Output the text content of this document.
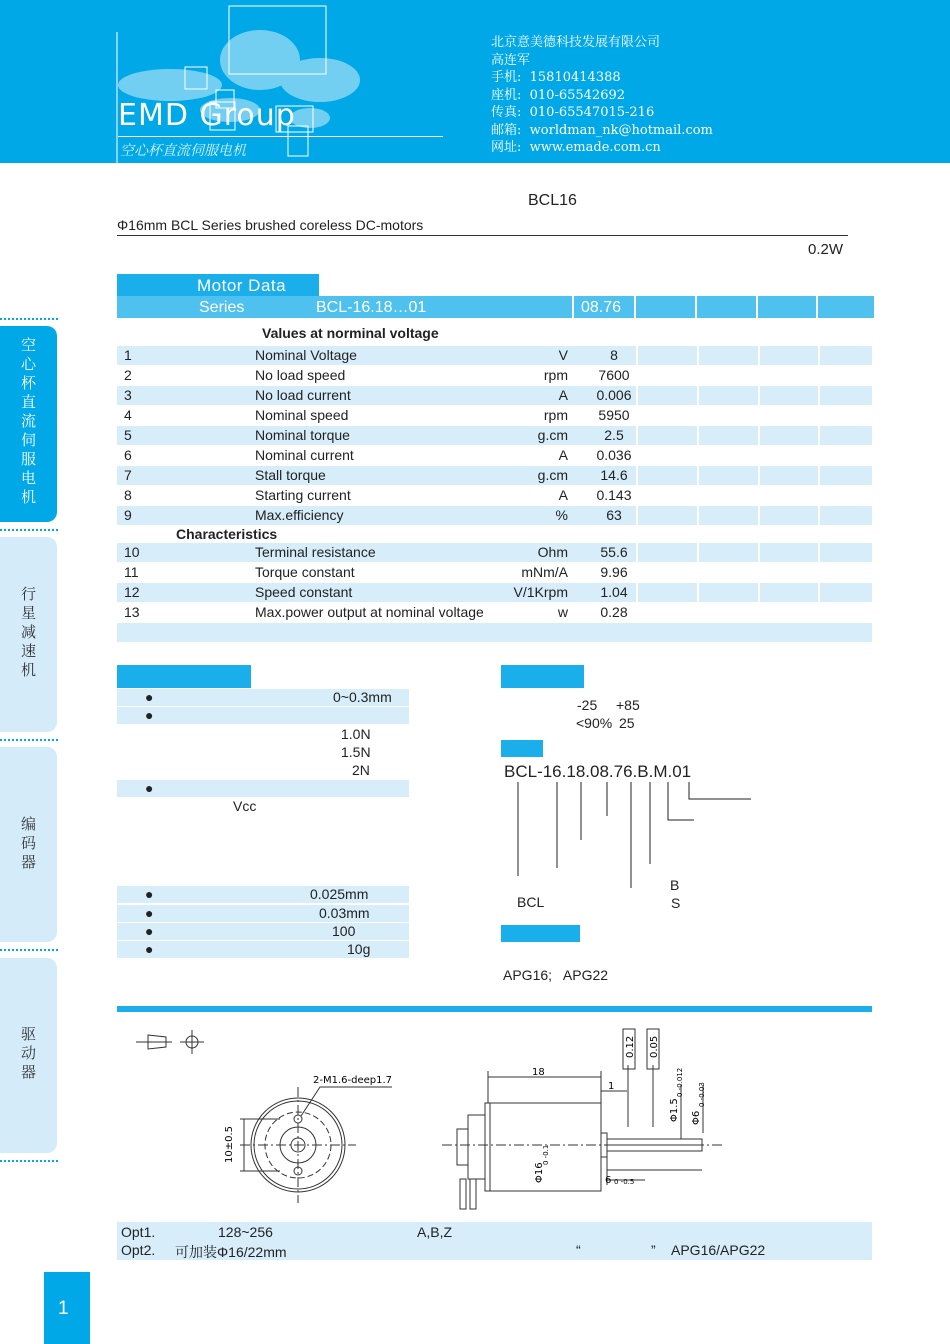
EMD Group
空心杯直流伺服电机
北京意美德科技发展有限公司
高连军
手机:  15810414388
座机:  010-65542692
传真:  010-65547015-216
邮箱:  worldman_nk@hotmail.com
网址:  www.emade.com.cn
空
心
杯
直
流
伺
服
电
机
行
星
减
速
机
编
码
器
驱
动
器
BCL16
Φ16mm BCL Series brushed coreless DC-motors
0.2W
Motor Data
Series	BCL-16.18…01	08.76
Values at norminal voltage
1	Nominal Voltage	V	8
2	No load speed	rpm	7600
3	No load current	A	0.006
4	Nominal speed	rpm	5950
5	Nominal torque	g.cm	2.5
6	Nominal current	A	0.036
7	Stall torque	g.cm	14.6
8	Starting current	A	0.143
9	Max.efficiency	%	63
Characteristics
10	Terminal resistance	Ohm	55.6
11	Torque constant	mNm/A	9.96
12	Speed constant	V/1Krpm	1.04
13	Max.power output at nominal voltage	w	0.28
●	0~0.3mm
●
1.0N
1.5N
2N
●
Vcc
●	0.025mm
●	0.03mm
●	100
●	10g
-25 +85
<90% 25
BCL-16.18.08.76.B.M.01
BCL
B
S
APG16;   APG22
2-M1.6-deep1.7
10±0.5
0.12 0.05
18
1
Φ16
0 -0.1
Φ1.5
0 -0.012
Φ6
0 -0.03
6 0 -0.5
Opt1.	128~256	A,B,Z
Opt2. 可加装Φ16/22mm	“	” APG16/APG22
1
